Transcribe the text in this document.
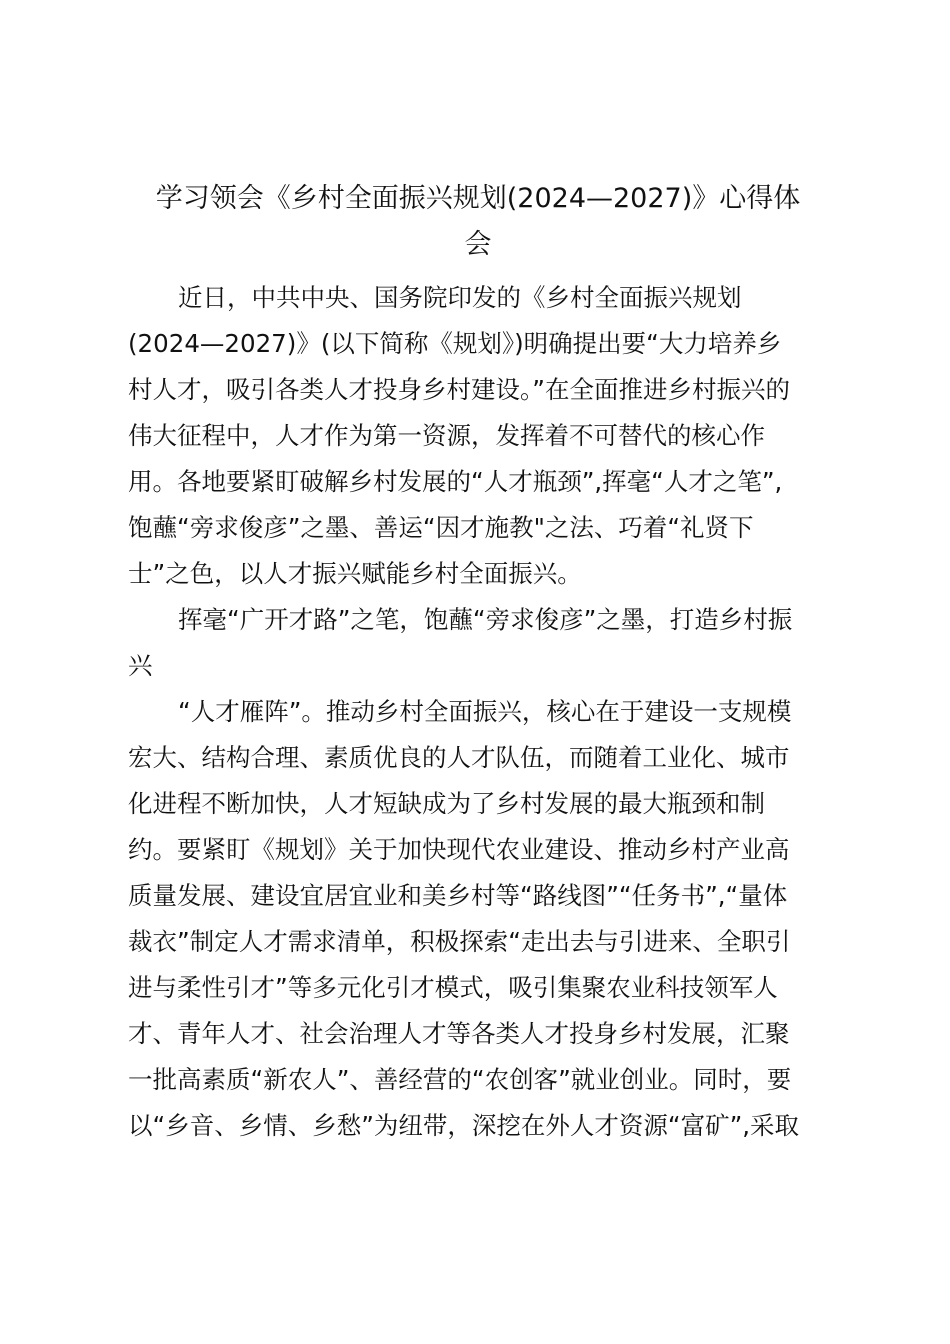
学习领会《乡村全面振兴规划(2024—2027)》心得体
会
近日，中共中央、国务院印发的《乡村全面振兴规划
(2024—2027)》(以下简称《规划》)明确提出要“大力培养乡
村人才，吸引各类人才投身乡村建设。”在全面推进乡村振兴的
伟大征程中，人才作为第一资源，发挥着不可替代的核心作
用。各地要紧盯破解乡村发展的“人才瓶颈”,挥毫“人才之笔”,
饱蘸“旁求俊彦”之墨、善运“因才施教"之法、巧着“礼贤下
士”之色，以人才振兴赋能乡村全面振兴。
挥毫“广开才路”之笔，饱蘸“旁求俊彦”之墨，打造乡村振
兴
“人才雁阵”。推动乡村全面振兴，核心在于建设一支规模
宏大、结构合理、素质优良的人才队伍，而随着工业化、城市
化进程不断加快，人才短缺成为了乡村发展的最大瓶颈和制
约。要紧盯《规划》关于加快现代农业建设、推动乡村产业高
质量发展、建设宜居宜业和美乡村等“路线图”“任务书”,“量体
裁衣”制定人才需求清单，积极探索“走出去与引进来、全职引
进与柔性引才”等多元化引才模式，吸引集聚农业科技领军人
才、青年人才、社会治理人才等各类人才投身乡村发展，汇聚
一批高素质“新农人”、善经营的“农创客”就业创业。同时，要
以“乡音、乡情、乡愁”为纽带，深挖在外人才资源“富矿”,采取
